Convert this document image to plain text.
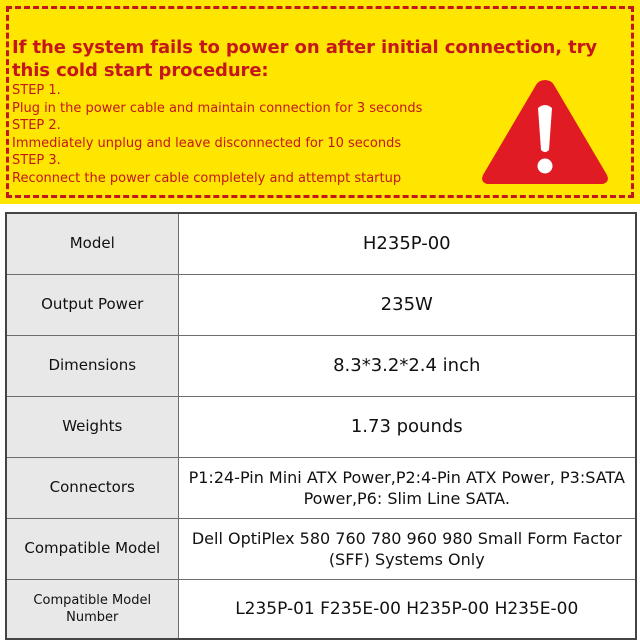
If the system fails to power on after initial connection, try this cold start procedure:
STEP 1.
Plug in the power cable and maintain connection for 3 seconds
STEP 2.
Immediately unplug and leave disconnected for 10 seconds
STEP 3.
Reconnect the power cable completely and attempt startup
Model	H235P-00
Output Power	235W
Dimensions	8.3*3.2*2.4 inch
Weights	1.73 pounds
Connectors	P1:24-Pin Mini ATX Power,P2:4-Pin ATX Power, P3:SATA Power,P6: Slim Line SATA.
Compatible Model	Dell OptiPlex 580 760 780 960 980 Small Form Factor (SFF) Systems Only
Compatible Model Number	L235P-01 F235E-00 H235P-00 H235E-00
